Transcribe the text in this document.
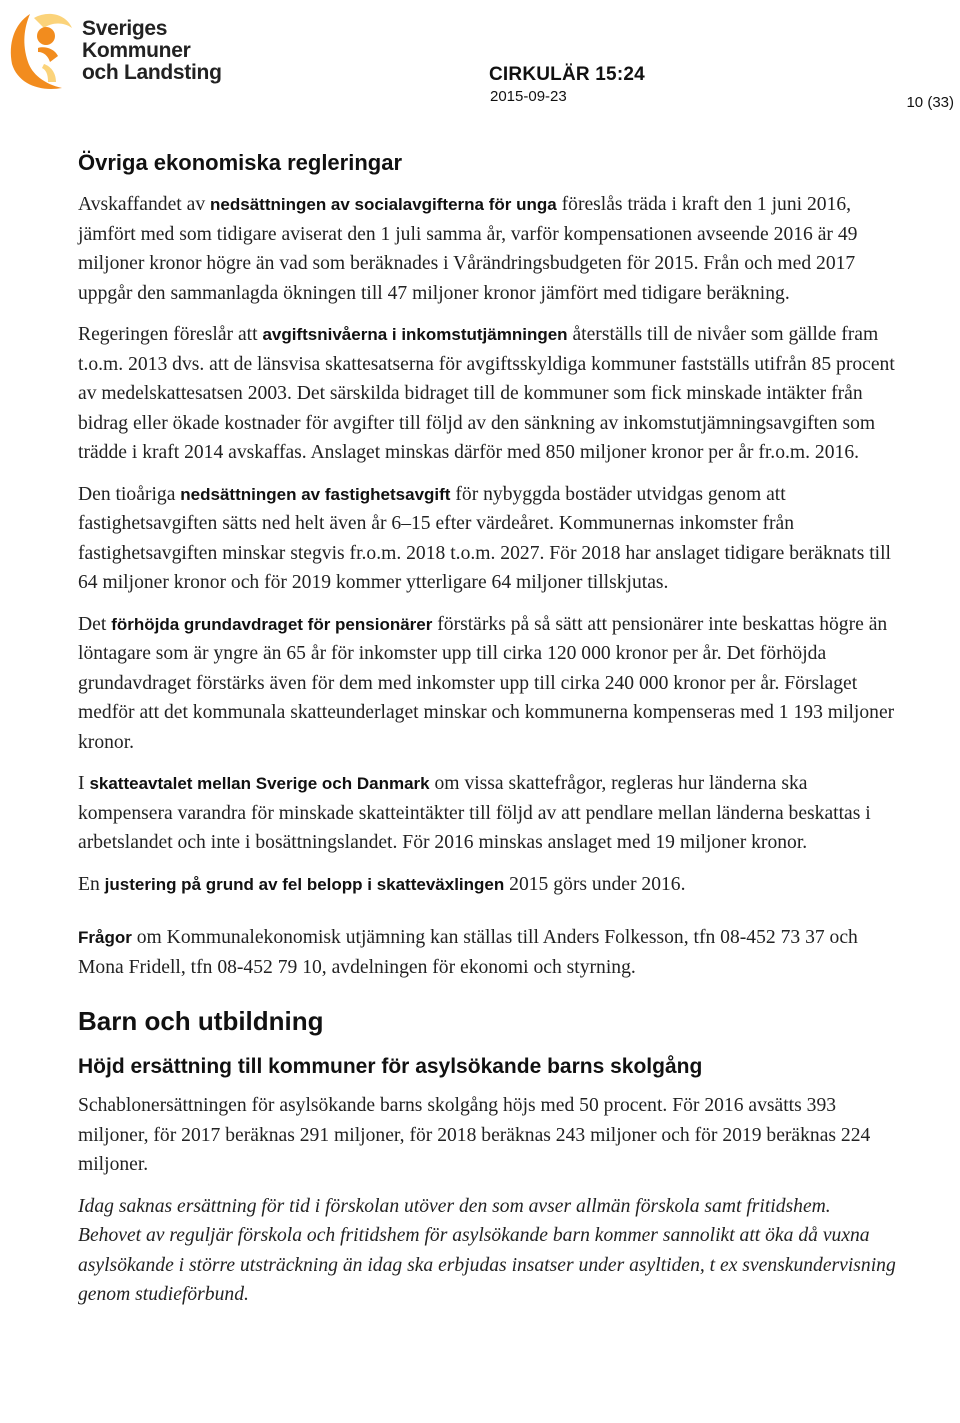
Sveriges
Kommuner
och Landsting	CIRKULÄR 15:24
2015-09-23	10 (33)
Övriga ekonomiska regleringar

Avskaffandet av nedsättningen av socialavgifterna för unga föreslås träda i kraft den 1 juni 2016, jämfört med som tidigare aviserat den 1 juli samma år, varför kompensationen avseende 2016 är 49 miljoner kronor högre än vad som beräknades i Vårändringsbudgeten för 2015. Från och med 2017 uppgår den sammanlagda ökningen till 47 miljoner kronor jämfört med tidigare beräkning.

Regeringen föreslår att avgiftsnivåerna i inkomstutjämningen återställs till de nivåer som gällde fram t.o.m. 2013 dvs. att de länsvisa skattesatserna för avgiftsskyldiga kommuner fastställs utifrån 85 procent av medelskattesatsen 2003. Det särskilda bidraget till de kommuner som fick minskade intäkter från bidrag eller ökade kostnader för avgifter till följd av den sänkning av inkomstutjämningsavgiften som trädde i kraft 2014 avskaffas. Anslaget minskas därför med 850 miljoner kronor per år fr.o.m. 2016.

Den tioåriga nedsättningen av fastighetsavgift för nybyggda bostäder utvidgas genom att fastighetsavgiften sätts ned helt även år 6–15 efter värdeåret. Kommunernas inkomster från fastighetsavgiften minskar stegvis fr.o.m. 2018 t.o.m. 2027. För 2018 har anslaget tidigare beräknats till 64 miljoner kronor och för 2019 kommer ytterligare 64 miljoner tillskjutas.

Det förhöjda grundavdraget för pensionärer förstärks på så sätt att pensionärer inte beskattas högre än löntagare som är yngre än 65 år för inkomster upp till cirka 120 000 kronor per år. Det förhöjda grundavdraget förstärks även för dem med inkomster upp till cirka 240 000 kronor per år. Förslaget medför att det kommunala skatteunderlaget minskar och kommunerna kompenseras med 1 193 miljoner kronor.

I skatteavtalet mellan Sverige och Danmark om vissa skattefrågor, regleras hur länderna ska kompensera varandra för minskade skatteintäkter till följd av att pendlare mellan länderna beskattas i arbetslandet och inte i bosättningslandet. För 2016 minskas anslaget med 19 miljoner kronor.

En justering på grund av fel belopp i skatteväxlingen 2015 görs under 2016.

Frågor om Kommunalekonomisk utjämning kan ställas till Anders Folkesson, tfn 08-452 73 37 och Mona Fridell, tfn 08-452 79 10, avdelningen för ekonomi och styrning.

Barn och utbildning
Höjd ersättning till kommuner för asylsökande barns skolgång

Schablonersättningen för asylsökande barns skolgång höjs med 50 procent. För 2016 avsätts 393 miljoner, för 2017 beräknas 291 miljoner, för 2018 beräknas 243 miljoner och för 2019 beräknas 224 miljoner.

Idag saknas ersättning för tid i förskolan utöver den som avser allmän förskola samt fritidshem. Behovet av reguljär förskola och fritidshem för asylsökande barn kommer sannolikt att öka då vuxna asylsökande i större utsträckning än idag ska erbjudas insatser under asyltiden, t ex svenskundervisning genom studieförbund.
